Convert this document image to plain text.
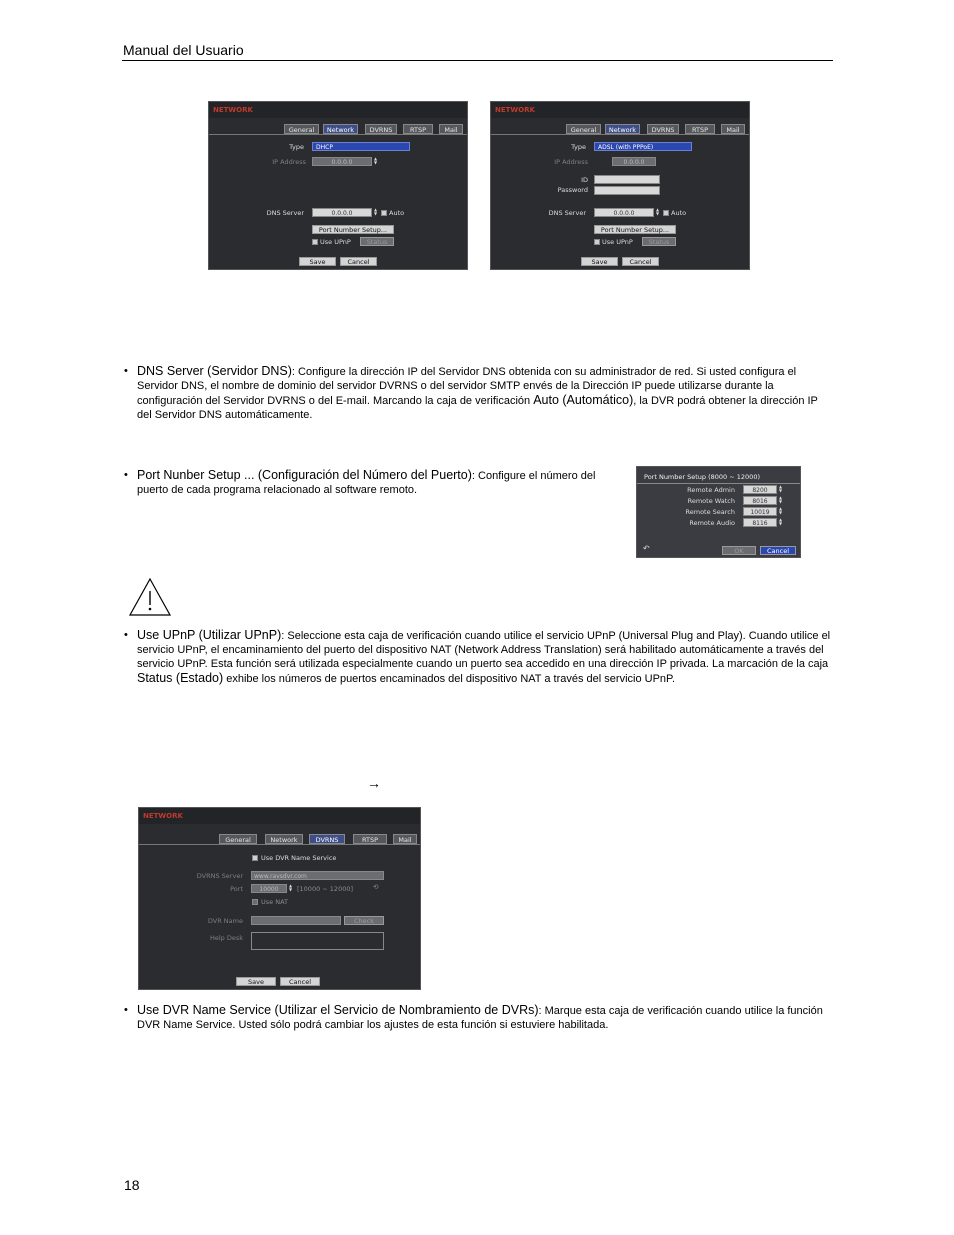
Manual del Usuario
NETWORK
General	Network	DVRNS	RTSP	Mail
Type	DHCP
IP Address	0.0.0.0
▲
▼
DNS Server	0.0.0.0
▲
▼ Auto
Port Number Setup...
Use UPnP	Status
Save	Cancel
NETWORK
General	Network	DVRNS	RTSP	Mail
Type	ADSL (with PPPoE)
IP Address	0.0.0.0
ID
Password
DNS Server	0.0.0.0
▲
▼ Auto
Port Number Setup...
Use UPnP	Status
Save	Cancel
• DNS Server (Servidor DNS): Configure la dirección IP del Servidor DNS obtenida con su administrador de red. Si usted configura el Servidor DNS, el nombre de dominio del servidor DVRNS o del servidor SMTP envés de la Dirección IP puede utilizarse durante la configuración del Servidor DVRNS o del E-mail. Marcando la caja de verificación Auto (Automático), la DVR podrá obtener la dirección IP del Servidor DNS automáticamente.
• Port Nunber Setup ... (Configuración del Número del Puerto): Configure el número del puerto de cada programa relacionado al software remoto.
Port Number Setup (8000 ~ 12000)
Remote Admin	8200
▲
▼
Remote Watch	8016
▲
▼
Remote Search	10019
▲
▼
Remote Audio	8116
▲
▼
↶	OK	Cancel
• Use UPnP (Utilizar UPnP): Seleccione esta caja de verificación cuando utilice el servicio UPnP (Universal Plug and Play). Cuando utilice el servicio UPnP, el encaminamiento del puerto del dispositivo NAT (Network Address Translation) será habilitado automáticamente a través del servicio UPnP. Esta función será utilizada especialmente cuando un puerto sea accedido en una dirección IP privada. La marcación de la caja Status (Estado) exhibe los números de puertos encaminados del dispositivo NAT a través del servicio UPnP.
→
NETWORK
General	Network	DVRNS	RTSP	Mail
Use DVR Name Service
DVRNS Server	www.ravsdvr.com
Port	10000
▲
▼ [10000 ~ 12000]	⟲
Use NAT
DVR Name	Check
Help Desk
Save	Cancel
• Use DVR Name Service (Utilizar el Servicio de Nombramiento de DVRs): Marque esta caja de verificación cuando utilice la función DVR Name Service. Usted sólo podrá cambiar los ajustes de esta función si estuviere habilitada.
18
